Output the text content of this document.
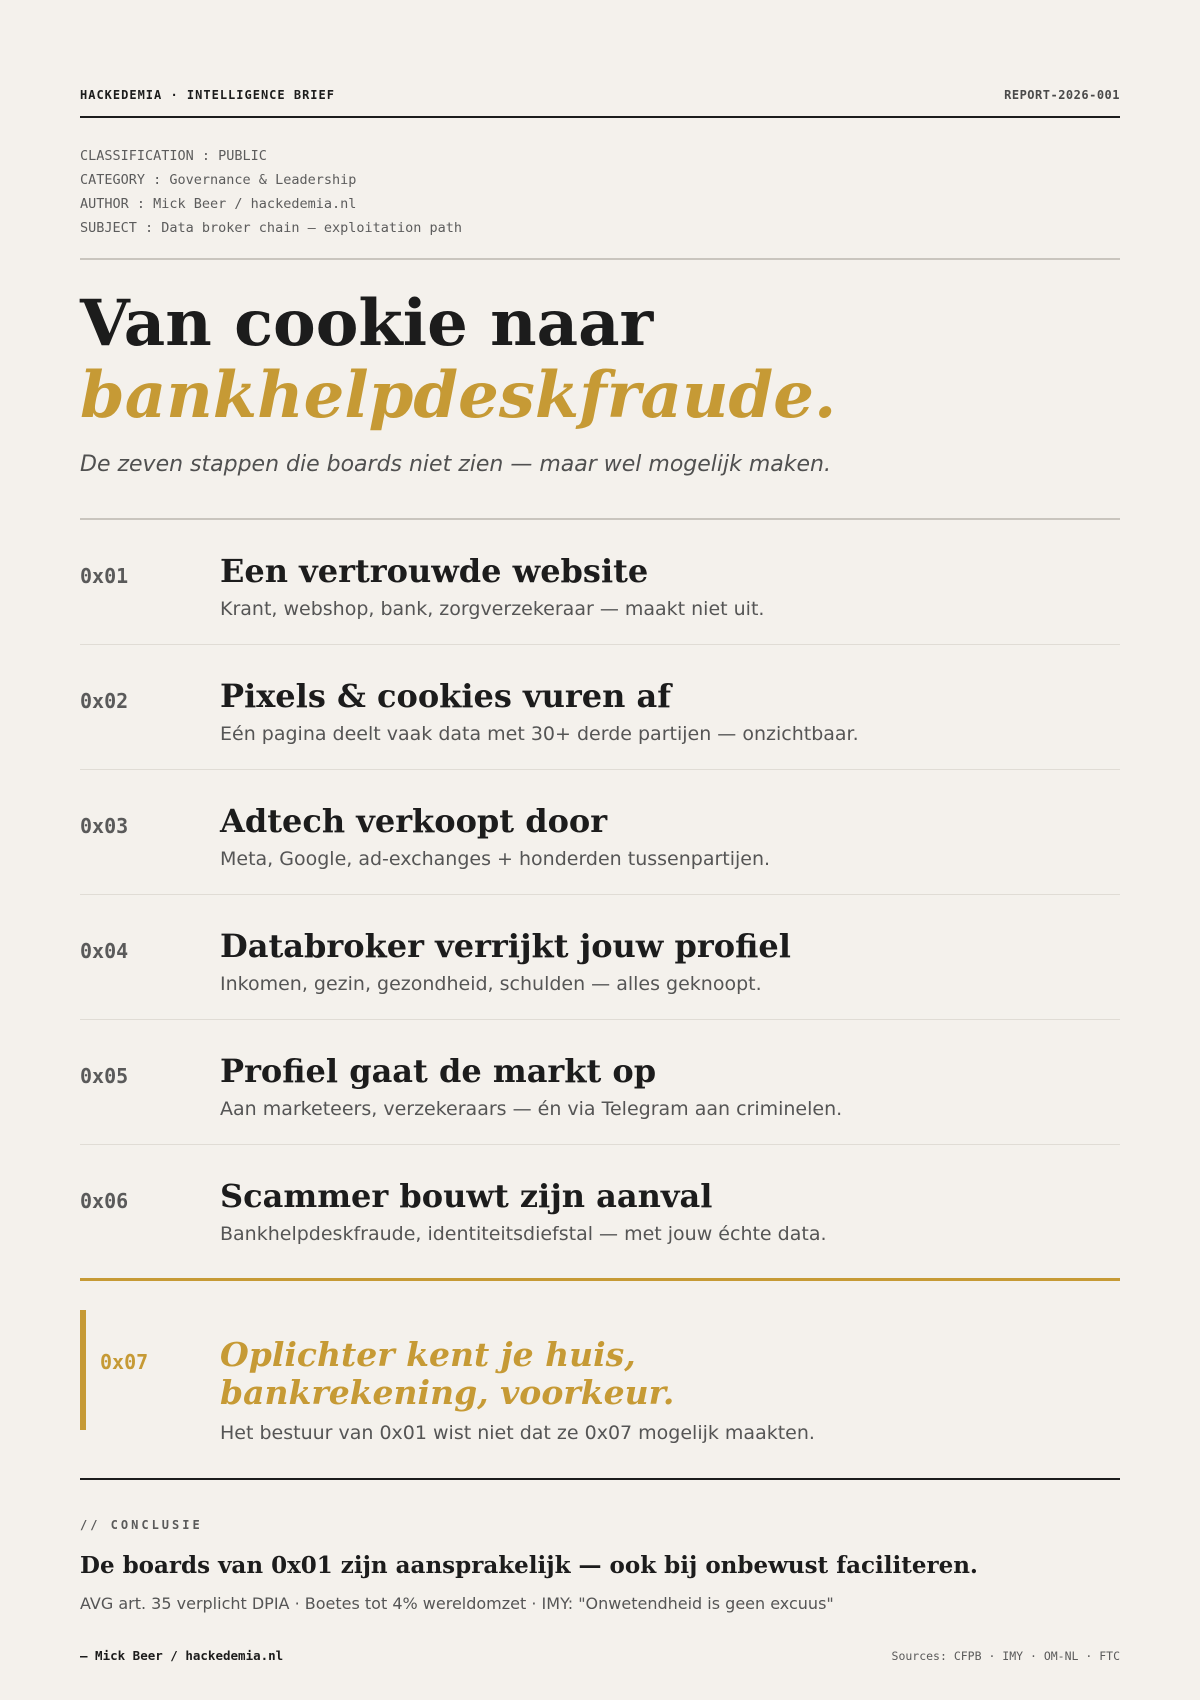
HACKEDEMIA · INTELLIGENCE BRIEF	REPORT-2026-001
CLASSIFICATION : PUBLIC
CATEGORY : Governance & Leadership
AUTHOR : Mick Beer / hackedemia.nl
SUBJECT : Data broker chain — exploitation path
Van cookie naar
bankhelpdeskfraude.
De zeven stappen die boards niet zien — maar wel mogelijk maken.
0x01	Een vertrouwde website
Krant, webshop, bank, zorgverzekeraar — maakt niet uit.
0x02	Pixels & cookies vuren af
Eén pagina deelt vaak data met 30+ derde partijen — onzichtbaar.
0x03	Adtech verkoopt door
Meta, Google, ad-exchanges + honderden tussenpartijen.
0x04	Databroker verrijkt jouw profiel
Inkomen, gezin, gezondheid, schulden — alles geknoopt.
0x05	Profiel gaat de markt op
Aan marketeers, verzekeraars — én via Telegram aan criminelen.
0x06	Scammer bouwt zijn aanval
Bankhelpdeskfraude, identiteitsdiefstal — met jouw échte data.
0x07 Oplichter kent je huis,
bankrekening, voorkeur.
Het bestuur van 0x01 wist niet dat ze 0x07 mogelijk maakten.
// CONCLUSIE
De boards van 0x01 zijn aansprakelijk — ook bij onbewust faciliteren.
AVG art. 35 verplicht DPIA · Boetes tot 4% wereldomzet · IMY: "Onwetendheid is geen excuus"
— Mick Beer / hackedemia.nl	Sources: CFPB · IMY · OM-NL · FTC
